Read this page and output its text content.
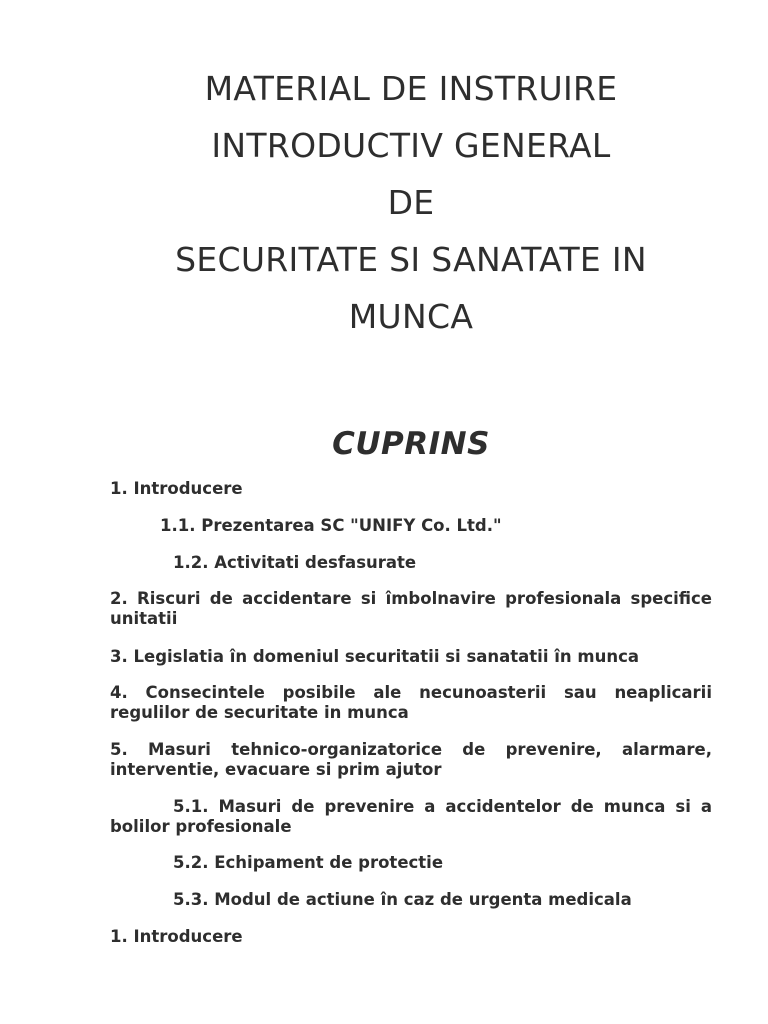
MATERIAL DE INSTRUIRE
INTRODUCTIV GENERAL
DE
SECURITATE SI SANATATE IN
MUNCA
CUPRINS
1. Introducere
1.1. Prezentarea SC "UNIFY Co. Ltd."
1.2. Activitati desfasurate
2. Riscuri de accidentare si îmbolnavire profesionala specifice unitatii
3. Legislatia în domeniul securitatii si sanatatii în munca
4. Consecintele posibile ale necunoasterii sau neaplicarii regulilor de securitate in munca
5. Masuri tehnico-organizatorice de prevenire, alarmare, interventie, evacuare si prim ajutor
5.1. Masuri de prevenire a accidentelor de munca si a bolilor profesionale
5.2. Echipament de protectie
5.3. Modul de actiune în caz de urgenta medicala
1. Introducere
